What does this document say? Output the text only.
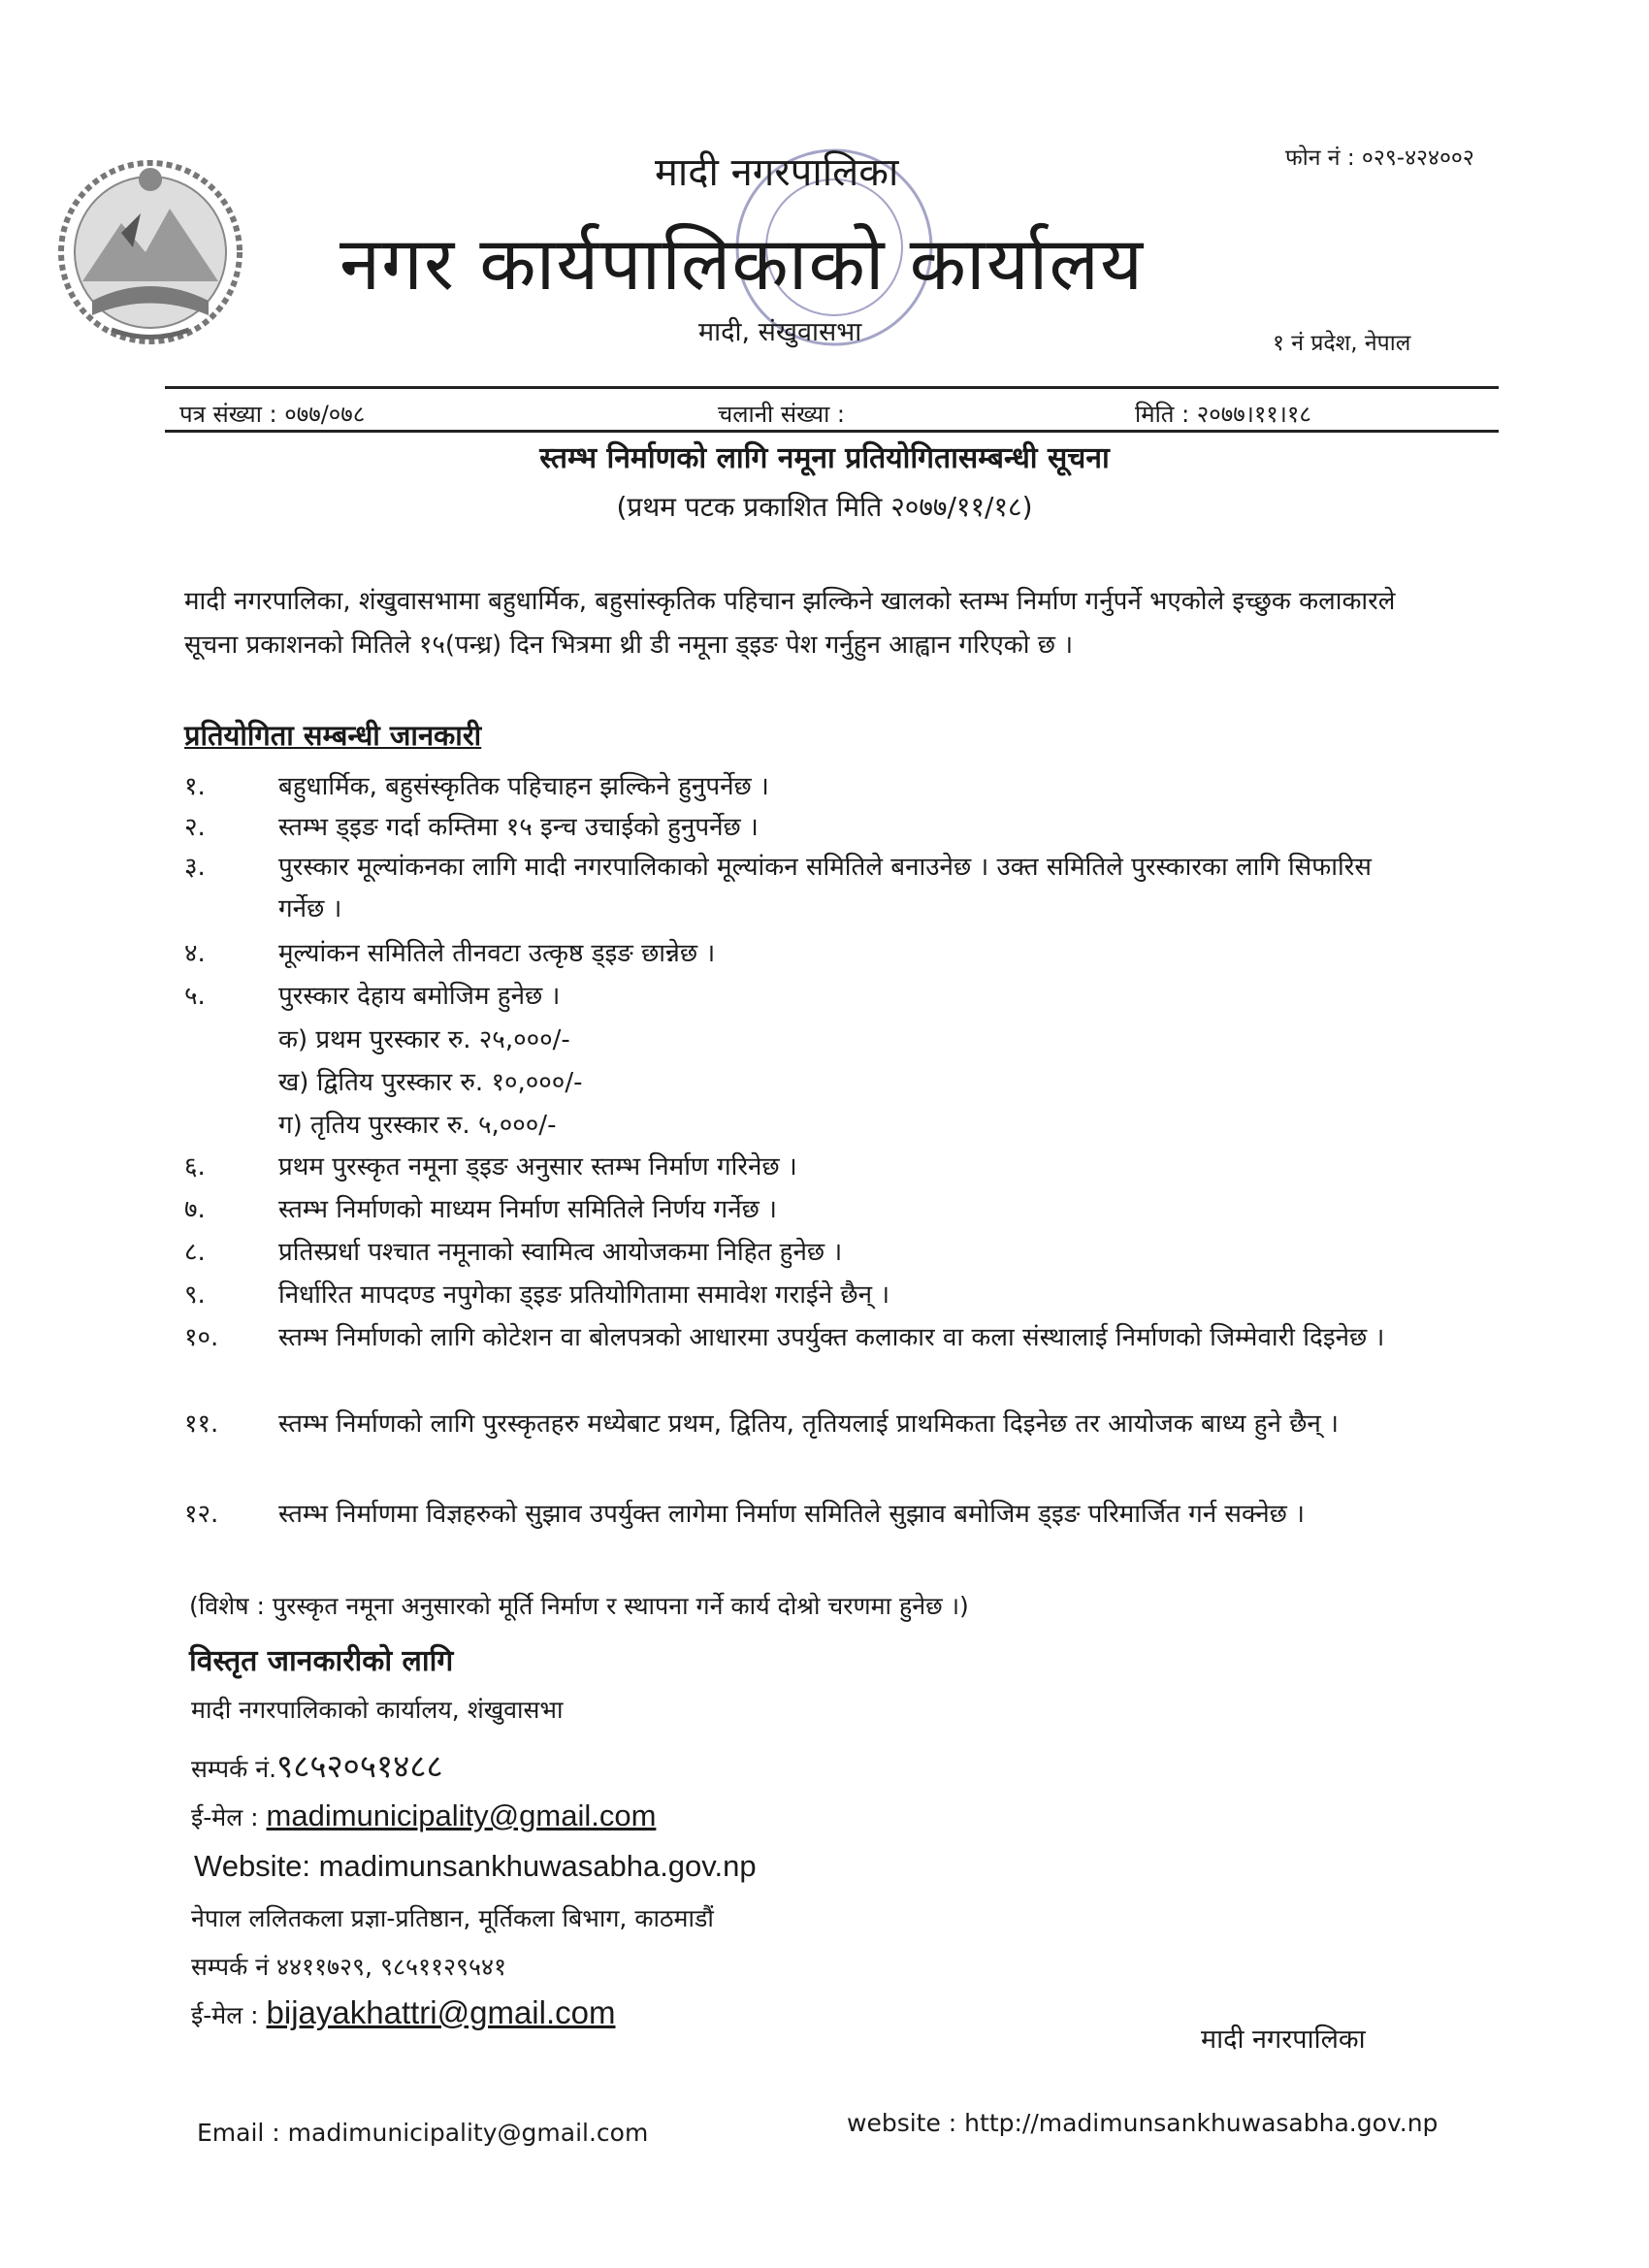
फोन नं : ०२९-४२४००२
मादी नगरपालिका
नगर कार्यपालिकाको कार्यालय
मादी, संखुवासभा	१ नं प्रदेश, नेपाल
पत्र संख्या : ०७७/०७८	चलानी संख्या :	मिति : २०७७।११।१८
स्तम्भ निर्माणको लागि नमूना प्रतियोगितासम्बन्धी सूचना
(प्रथम पटक प्रकाशित मिति २०७७/११/१८)
मादी नगरपालिका, शंखुवासभामा बहुधार्मिक, बहुसांस्कृतिक पहिचान झल्किने खालको स्तम्भ निर्माण गर्नुपर्ने भएकोले इच्छुक कलाकारले सूचना प्रकाशनको मितिले १५(पन्ध्र) दिन भित्रमा थ्री डी नमूना ड्इङ पेश गर्नुहुन आह्वान गरिएको छ ।
प्रतियोगिता सम्बन्धी जानकारी
१.	बहुधार्मिक, बहुसंस्कृतिक पहिचाहन झल्किने हुनुपर्नेछ ।
२.	स्तम्भ ड्इङ गर्दा कम्तिमा १५ इन्च उचाईको हुनुपर्नेछ ।
३.	पुरस्कार मूल्यांकनका लागि मादी नगरपालिकाको मूल्यांकन समितिले बनाउनेछ । उक्त समितिले पुरस्कारका लागि सिफारिस गर्नेछ ।
४.	मूल्यांकन समितिले तीनवटा उत्कृष्ठ ड्इङ छान्नेछ ।
५.	पुरस्कार देहाय बमोजिम हुनेछ ।
क) प्रथम पुरस्कार रु. २५,०००/-
ख) द्वितिय पुरस्कार रु. १०,०००/-
ग) तृतिय पुरस्कार रु. ५,०००/-
६.	प्रथम पुरस्कृत नमूना ड्इङ अनुसार स्तम्भ निर्माण गरिनेछ ।
७.	स्तम्भ निर्माणको माध्यम निर्माण समितिले निर्णय गर्नेछ ।
८.	प्रतिस्प्रर्धा पश्चात नमूनाको स्वामित्व आयोजकमा निहित हुनेछ ।
९.	निर्धारित मापदण्ड नपुगेका ड्इङ प्रतियोगितामा समावेश गराईने छैन् ।
१०.	स्तम्भ निर्माणको लागि कोटेशन वा बोलपत्रको आधारमा उपर्युक्त कलाकार वा कला संस्थालाई निर्माणको जिम्मेवारी दिइनेछ ।
११.	स्तम्भ निर्माणको लागि पुरस्कृतहरु मध्येबाट प्रथम, द्वितिय, तृतियलाई प्राथमिकता दिइनेछ तर आयोजक बाध्य हुने छैन् ।
१२.	स्तम्भ निर्माणमा विज्ञहरुको सुझाव उपर्युक्त लागेमा निर्माण समितिले सुझाव बमोजिम ड्इङ परिमार्जित गर्न सक्नेछ ।
(विशेष : पुरस्कृत नमूना अनुसारको मूर्ति निर्माण र स्थापना गर्ने कार्य दोश्रो चरणमा हुनेछ ।)
विस्तृत जानकारीको लागि
मादी नगरपालिकाको कार्यालय, शंखुवासभा
सम्पर्क नं.९८५२०५१४८८
ई-मेल : madimunicipality@gmail.com
Website: madimunsankhuwasabha.gov.np
नेपाल ललितकला प्रज्ञा-प्रतिष्ठान, मूर्तिकला बिभाग, काठमाडौं
सम्पर्क नं ४४११७२९, ९८५११२९५४१
ई-मेल : bijayakhattri@gmail.com
मादी नगरपालिका
Email : madimunicipality@gmail.com	website : http://madimunsankhuwasabha.gov.np
